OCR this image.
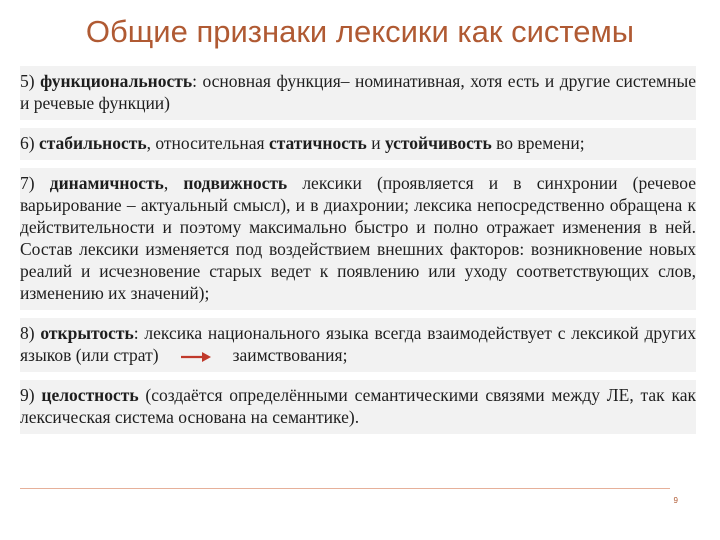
Общие признаки лексики как системы
5) функциональность: основная функция– номинативная, хотя есть и другие системные и речевые функции)
6) стабильность, относительная статичность и устойчивость во времени;
7) динамичность, подвижность лексики (проявляется и в синхронии (речевое варьирование – актуальный смысл), и в диахронии; лексика непосредственно обращена к действительности и поэтому максимально быстро и полно отражает изменения в ней. Состав лексики изменяется под воздействием внешних факторов: возникновение новых реалий и исчезновение старых ведет к появлению или уходу соответствующих слов, изменению их значений);
8) открытость: лексика национального языка всегда взаимодействует с лексикой других языков (или страт)	заимствования;
9) целостность (создаётся определёнными семантическими связями между ЛЕ, так как лексическая система основана на семантике).
9
